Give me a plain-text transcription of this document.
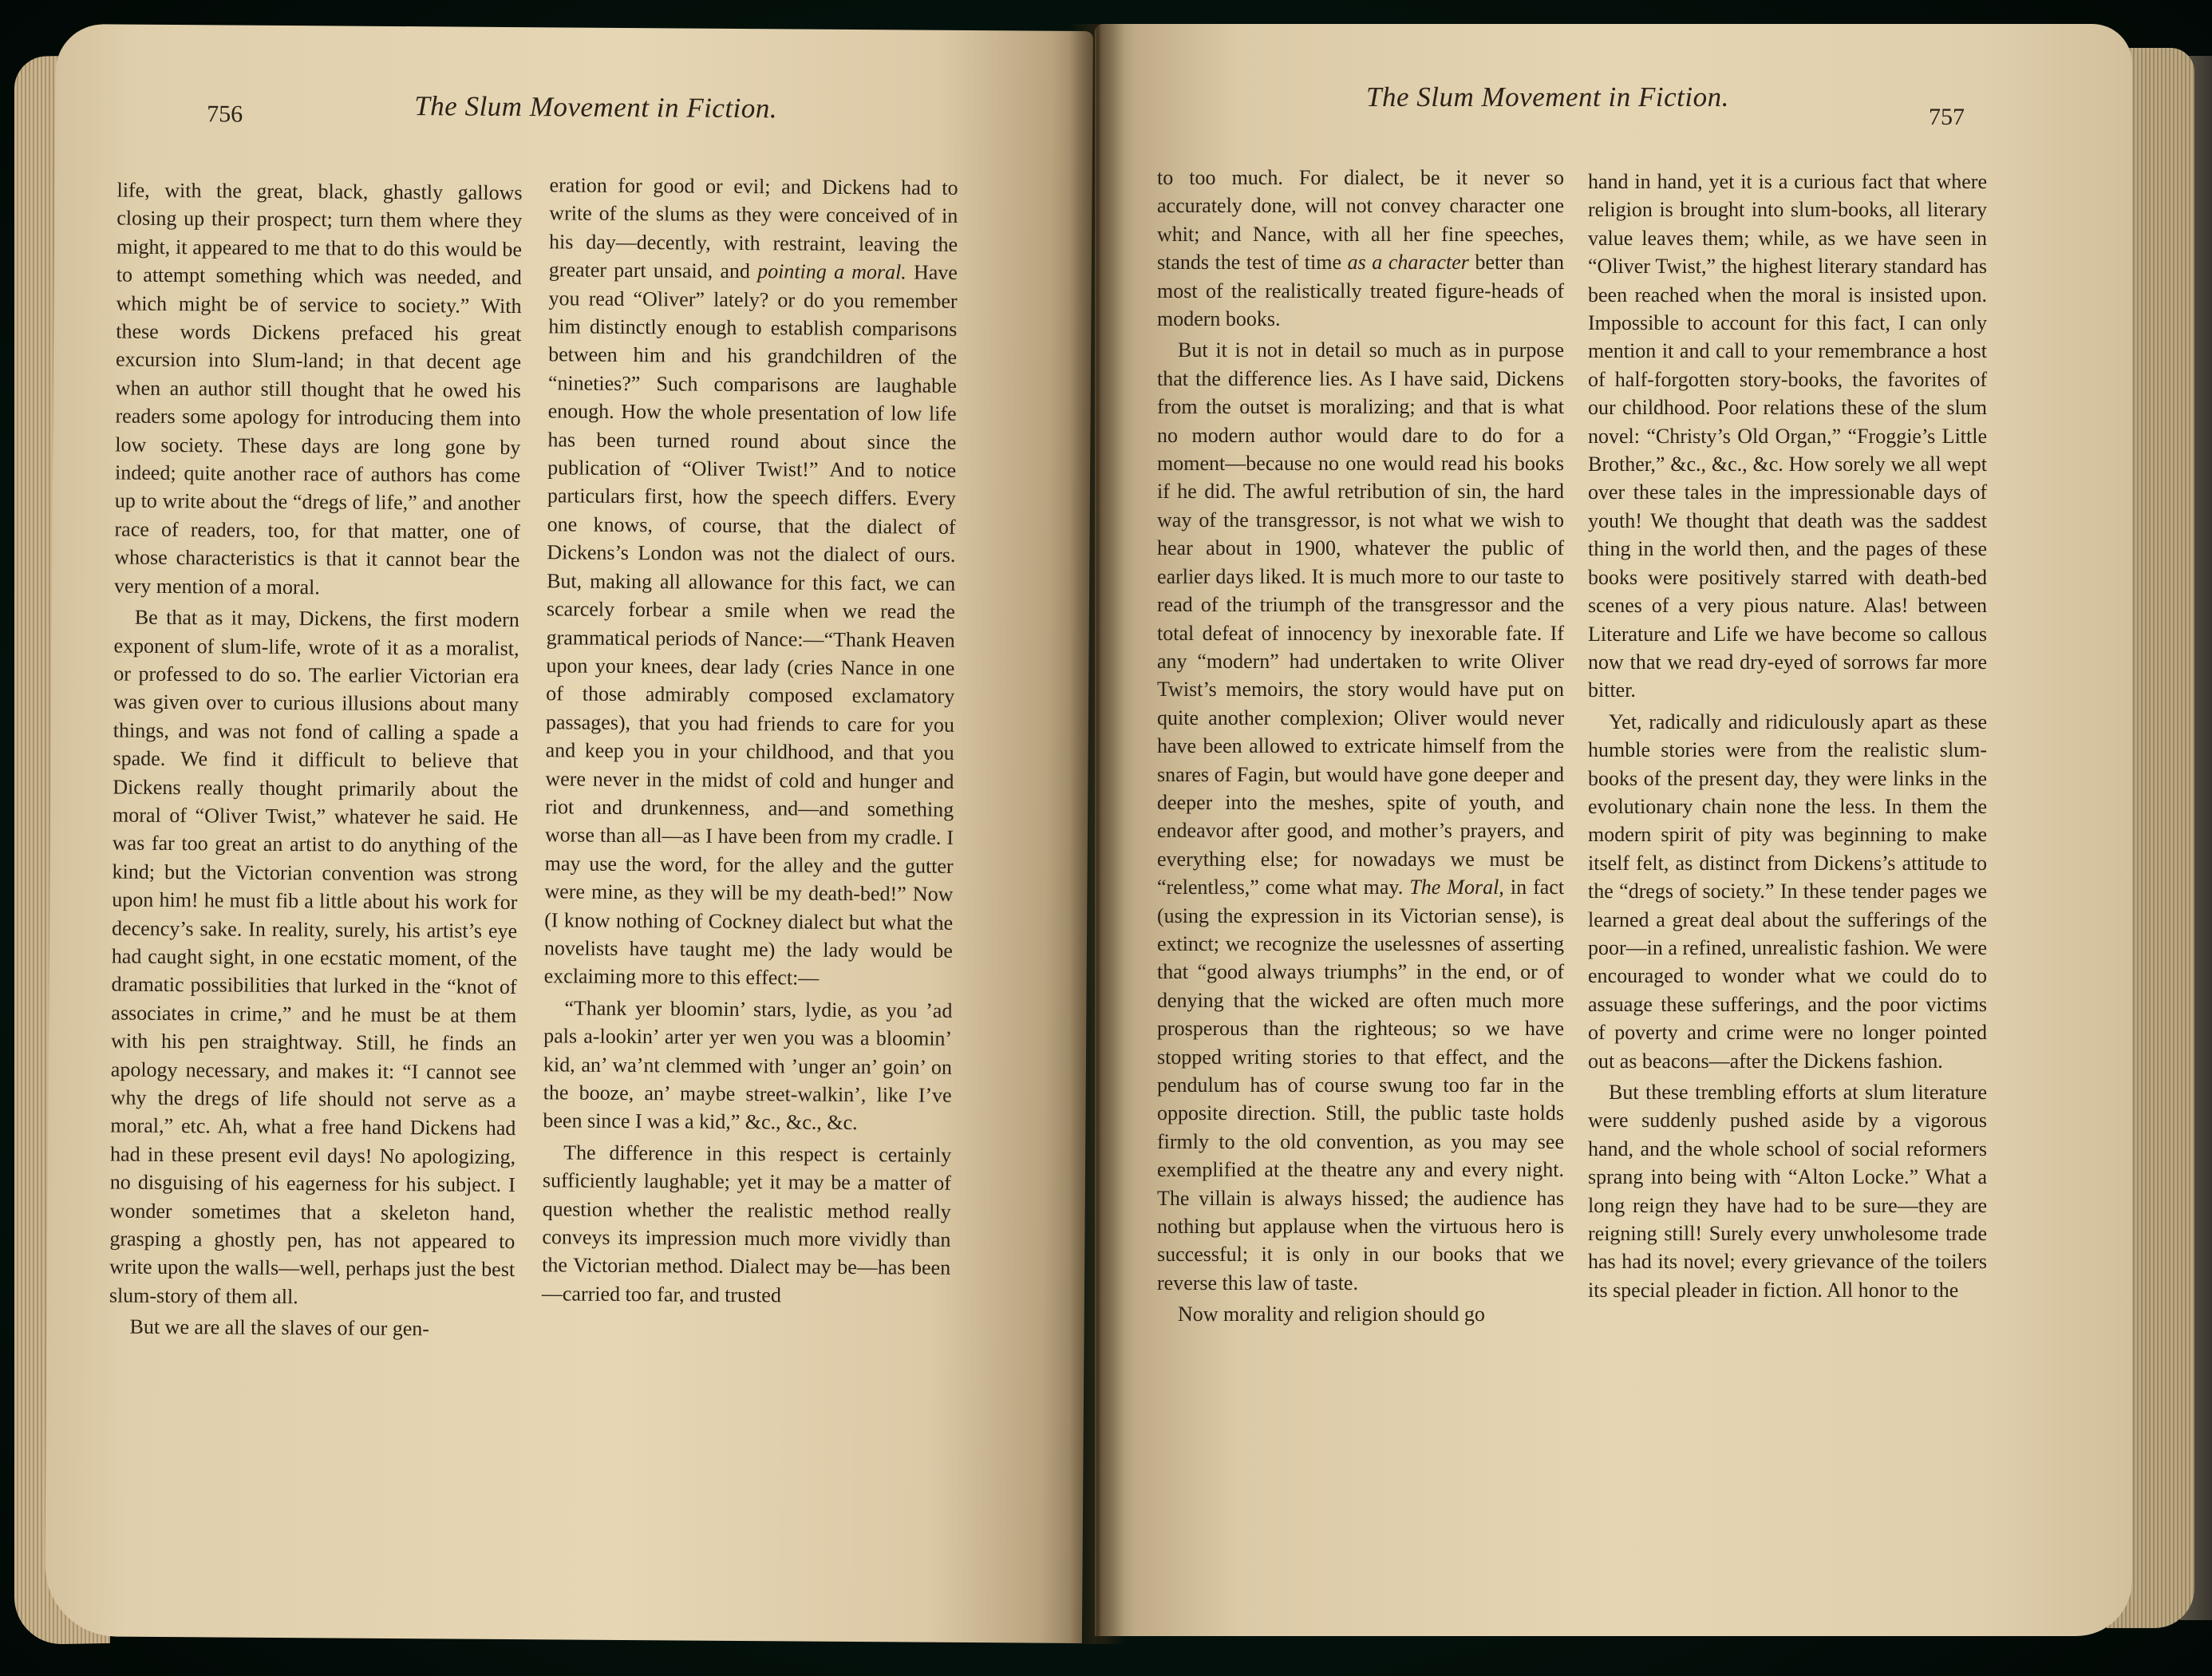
756	The Slum Movement in Fiction.

life, with the great, black, ghastly gallows closing up their prospect; turn them where they might, it appeared to me that to do this would be to attempt something which was needed, and which might be of service to society.” With these words Dickens prefaced his great excursion into Slum-land; in that decent age when an author still thought that he owed his readers some apology for introducing them into low society. These days are long gone by indeed; quite another race of authors has come up to write about the “dregs of life,” and another race of readers, too, for that matter, one of whose characteristics is that it cannot bear the very mention of a moral.

Be that as it may, Dickens, the first modern exponent of slum-life, wrote of it as a moralist, or professed to do so. The earlier Victorian era was given over to curious illusions about many things, and was not fond of calling a spade a spade. We find it difficult to believe that Dickens really thought primarily about the moral of “Oliver Twist,” whatever he said. He was far too great an artist to do anything of the kind; but the Victorian convention was strong upon him! he must fib a little about his work for decency’s sake. In reality, surely, his artist’s eye had caught sight, in one ecstatic moment, of the dramatic possibilities that lurked in the “knot of associates in crime,” and he must be at them with his pen straightway. Still, he finds an apology necessary, and makes it: “I cannot see why the dregs of life should not serve as a moral,” etc. Ah, what a free hand Dickens had had in these present evil days! No apologizing, no disguising of his eagerness for his subject. I wonder sometimes that a skeleton hand, grasping a ghostly pen, has not appeared to write upon the walls—well, perhaps just the best slum-story of them all.

But we are all the slaves of our gen-

eration for good or evil; and Dickens had to write of the slums as they were conceived of in his day—decently, with restraint, leaving the greater part unsaid, and pointing a moral. Have you read “Oliver” lately? or do you remember him distinctly enough to establish comparisons between him and his grandchildren of the “nineties?” Such comparisons are laughable enough. How the whole presentation of low life has been turned round about since the publication of “Oliver Twist!” And to notice particulars first, how the speech differs. Every one knows, of course, that the dialect of Dickens’s London was not the dialect of ours. But, making all allowance for this fact, we can scarcely forbear a smile when we read the grammatical periods of Nance:—“Thank Heaven upon your knees, dear lady (cries Nance in one of those admirably composed exclamatory passages), that you had friends to care for you and keep you in your childhood, and that you were never in the midst of cold and hunger and riot and drunkenness, and—and something worse than all—as I have been from my cradle. I may use the word, for the alley and the gutter were mine, as they will be my death-bed!” Now (I know nothing of Cockney dialect but what the novelists have taught me) the lady would be exclaiming more to this effect:—

“Thank yer bloomin’ stars, lydie, as you ’ad pals a-lookin’ arter yer wen you was a bloomin’ kid, an’ wa’nt clemmed with ’unger an’ goin’ on the booze, an’ maybe street-walkin’, like I’ve been since I was a kid,” &c., &c., &c.

The difference in this respect is certainly sufficiently laughable; yet it may be a matter of question whether the realistic method really conveys its impression much more vividly than the Victorian method. Dialect may be—has been—carried too far, and trusted

The Slum Movement in Fiction.
757

to too much. For dialect, be it never so accurately done, will not convey character one whit; and Nance, with all her fine speeches, stands the test of time as a character better than most of the realistically treated figure-heads of modern books.

But it is not in detail so much as in purpose that the difference lies. As I have said, Dickens from the outset is moralizing; and that is what no modern author would dare to do for a moment—because no one would read his books if he did. The awful retribution of sin, the hard way of the transgressor, is not what we wish to hear about in 1900, whatever the public of earlier days liked. It is much more to our taste to read of the triumph of the transgressor and the total defeat of innocency by inexorable fate. If any “modern” had undertaken to write Oliver Twist’s memoirs, the story would have put on quite another complexion; Oliver would never have been allowed to extricate himself from the snares of Fagin, but would have gone deeper and deeper into the meshes, spite of youth, and endeavor after good, and mother’s prayers, and everything else; for nowadays we must be “relentless,” come what may. The Moral, in fact (using the expression in its Victorian sense), is extinct; we recognize the uselessnes of asserting that “good always triumphs” in the end, or of denying that the wicked are often much more prosperous than the righteous; so we have stopped writing stories to that effect, and the pendulum has of course swung too far in the opposite direction. Still, the public taste holds firmly to the old convention, as you may see exemplified at the theatre any and every night. The villain is always hissed; the audience has nothing but applause when the virtuous hero is successful; it is only in our books that we reverse this law of taste.

Now morality and religion should go

hand in hand, yet it is a curious fact that where religion is brought into slum-books, all literary value leaves them; while, as we have seen in “Oliver Twist,” the highest literary standard has been reached when the moral is insisted upon. Impossible to account for this fact, I can only mention it and call to your remembrance a host of half-forgotten story-books, the favorites of our childhood. Poor relations these of the slum novel: “Christy’s Old Organ,” “Froggie’s Little Brother,” &c., &c., &c. How sorely we all wept over these tales in the impressionable days of youth! We thought that death was the saddest thing in the world then, and the pages of these books were positively starred with death-bed scenes of a very pious nature. Alas! between Literature and Life we have become so callous now that we read dry-eyed of sorrows far more bitter.

Yet, radically and ridiculously apart as these humble stories were from the realistic slum-books of the present day, they were links in the evolutionary chain none the less. In them the modern spirit of pity was beginning to make itself felt, as distinct from Dickens’s attitude to the “dregs of society.” In these tender pages we learned a great deal about the sufferings of the poor—in a refined, unrealistic fashion. We were encouraged to wonder what we could do to assuage these sufferings, and the poor victims of poverty and crime were no longer pointed out as beacons—after the Dickens fashion.

But these trembling efforts at slum literature were suddenly pushed aside by a vigorous hand, and the whole school of social reformers sprang into being with “Alton Locke.” What a long reign they have had to be sure—they are reigning still! Surely every unwholesome trade has had its novel; every grievance of the toilers its special pleader in fiction. All honor to the
